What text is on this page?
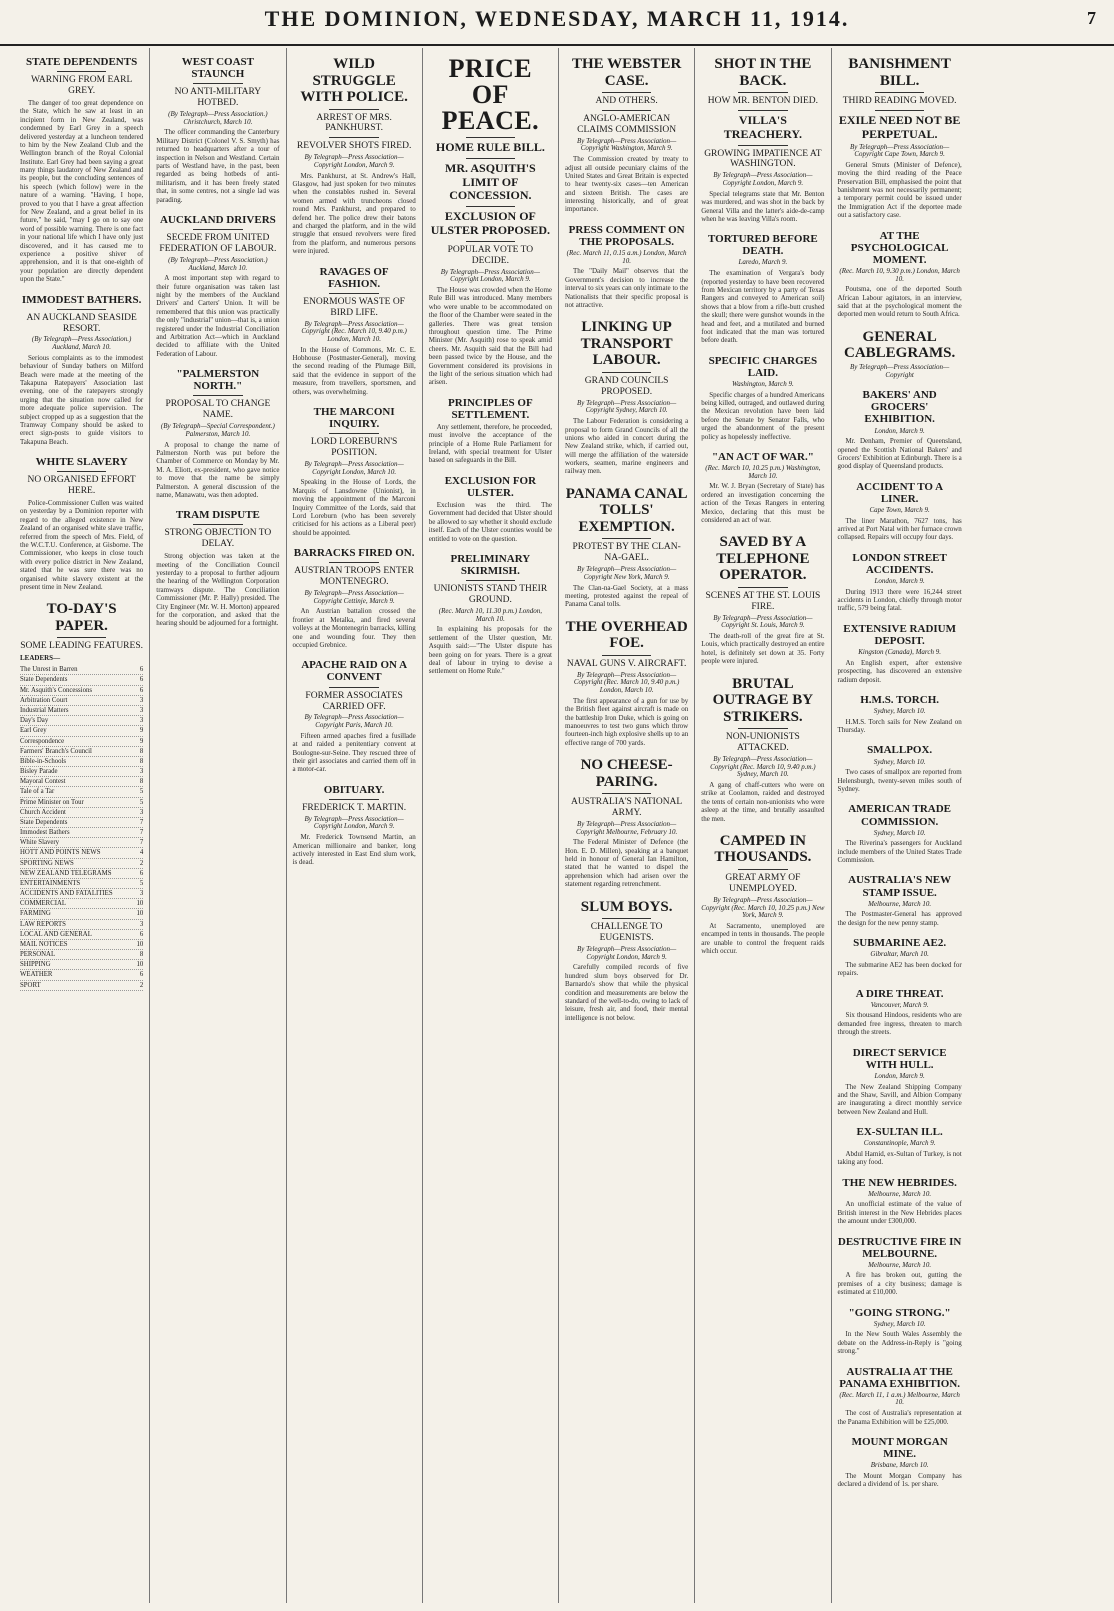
THE DOMINION, WEDNESDAY, MARCH 11, 1914.	7
STATE DEPENDENTS
WARNING FROM EARL GREY.

The danger of too great dependence on the State, which he saw at least in an incipient form in New Zealand, was condemned by Earl Grey in a speech delivered yesterday at a luncheon tendered to him by the New Zealand Club and the Wellington branch of the Royal Colonial Institute. Earl Grey had been saying a great many things laudatory of New Zealand and its people, but the concluding sentences of his speech (which follow) were in the nature of a warning. "Having, I hope, proved to you that I have a great affection for New Zealand, and a great belief in its future," he said, "may I go on to say one word of possible warning. There is one fact in your national life which I have only just discovered, and it has caused me to experience a positive shiver of apprehension, and it is that one-eighth of your population are directly dependent upon the State."

IMMODEST BATHERS.
AN AUCKLAND SEASIDE RESORT.
(By Telegraph—Press Association.) Auckland, March 10.

Serious complaints as to the immodest behaviour of Sunday bathers on Milford Beach were made at the meeting of the Takapuna Ratepayers' Association last evening, one of the ratepayers strongly urging that the situation now called for more adequate police supervision. The subject cropped up as a suggestion that the Tramway Company should be asked to erect sign-posts to guide visitors to Takapuna Beach.

WHITE SLAVERY
NO ORGANISED EFFORT HERE.

Police-Commissioner Cullen was waited on yesterday by a Dominion reporter with regard to the alleged existence in New Zealand of an organised white slave traffic, referred from the speech of Mrs. Field, of the W.C.T.U. Conference, at Gisborne. The Commissioner, who keeps in close touch with every police district in New Zealand, stated that he was sure there was no organised white slavery existent at the present time in New Zealand.

TO-DAY'S PAPER.
SOME LEADING FEATURES.
LEADERS—
The Unrest in Barren	6
State Dependents	6
Mr. Asquith's Concessions	6
Arbitration Court	3
Industrial Matters	3
Day's Day	3
Earl Grey	9
Correspondence	9
Farmers' Branch's Council	8
Bible-in-Schools	8
Bisley Parade	3
Mayoral Contest	8
Tale of a Tar	5
Prime Minister on Tour	5
Church Accident	3
State Dependents	7
Immodest Bathers	7
White Slavery	7
HOTT AND POINTS NEWS	4
SPORTING NEWS	2
NEW ZEALAND TELEGRAMS	6
ENTERTAINMENTS	5
ACCIDENTS AND FATALITIES	3
COMMERCIAL	10
FARMING	10
LAW REPORTS	3
LOCAL AND GENERAL	6
MAIL NOTICES	10
PERSONAL	8
SHIPPING	10
WEATHER	6
SPORT	2
WEST COAST STAUNCH
NO ANTI-MILITARY HOTBED.
(By Telegraph—Press Association.) Christchurch, March 10.

The officer commanding the Canterbury Military District (Colonel V. S. Smyth) has returned to headquarters after a tour of inspection in Nelson and Westland. Certain parts of Westland have, in the past, been regarded as being hotbeds of anti-militarism, and it has been freely stated that, in some centres, not a single lad was parading.

AUCKLAND DRIVERS
SECEDE FROM UNITED FEDERATION OF LABOUR.
(By Telegraph—Press Association.) Auckland, March 10.

A most important step with regard to their future organisation was taken last night by the members of the Auckland Drivers' and Carters' Union. It will be remembered that this union was practically the only "industrial" union—that is, a union registered under the Industrial Conciliation and Arbitration Act—which in Auckland decided to affiliate with the United Federation of Labour.

"PALMERSTON NORTH."
PROPOSAL TO CHANGE NAME.
(By Telegraph—Special Correspondent.) Palmerston, March 10.

A proposal to change the name of Palmerston North was put before the Chamber of Commerce on Monday by Mr. M. A. Eliott, ex-president, who gave notice to move that the name be simply Palmerston. A general discussion of the name, Manawatu, was then adopted.

TRAM DISPUTE
STRONG OBJECTION TO DELAY.

Strong objection was taken at the meeting of the Conciliation Council yesterday to a proposal to further adjourn the hearing of the Wellington Corporation tramways dispute. The Conciliation Commissioner (Mr. P. Hally) presided. The City Engineer (Mr. W. H. Morton) appeared for the corporation, and asked that the hearing should be adjourned for a fortnight.

WILD STRUGGLE WITH POLICE.
ARREST OF MRS. PANKHURST.
REVOLVER SHOTS FIRED.
By Telegraph—Press Association—Copyright London, March 9.

Mrs. Pankhurst, at St. Andrew's Hall, Glasgow, had just spoken for two minutes when the constables rushed in. Several women armed with truncheons closed round Mrs. Pankhurst, and prepared to defend her. The police drew their batons and charged the platform, and in the wild struggle that ensued revolvers were fired from the platform, and numerous persons were injured.

RAVAGES OF FASHION.
ENORMOUS WASTE OF BIRD LIFE.
By Telegraph—Press Association—Copyright (Rec. March 10, 9.40 p.m.) London, March 10.

In the House of Commons, Mr. C. E. Hobhouse (Postmaster-General), moving the second reading of the Plumage Bill, said that the evidence in support of the measure, from travellers, sportsmen, and others, was overwhelming.

THE MARCONI INQUIRY.
LORD LOREBURN'S POSITION.
By Telegraph—Press Association—Copyright London, March 10.

Speaking in the House of Lords, the Marquis of Lansdowne (Unionist), in moving the appointment of the Marconi Inquiry Committee of the Lords, said that Lord Loreburn (who has been severely criticised for his actions as a Liberal peer) should be appointed.

BARRACKS FIRED ON.
AUSTRIAN TROOPS ENTER MONTENEGRO.
By Telegraph—Press Association—Copyright Cettinje, March 9.

An Austrian battalion crossed the frontier at Metalka, and fired several volleys at the Montenegrin barracks, killing one and wounding four. They then occupied Grebnice.

APACHE RAID ON A CONVENT
FORMER ASSOCIATES CARRIED OFF.
By Telegraph—Press Association—Copyright Paris, March 10.

Fifteen armed apaches fired a fusillade at and raided a penitentiary convent at Boulogne-sur-Seine. They rescued three of their girl associates and carried them off in a motor-car.

OBITUARY.
FREDERICK T. MARTIN.
By Telegraph—Press Association—Copyright London, March 9.

Mr. Frederick Townsend Martin, an American millionaire and banker, long actively interested in East End slum work, is dead.

PRICE OF PEACE.
HOME RULE BILL.
MR. ASQUITH'S LIMIT OF CONCESSION.
EXCLUSION OF ULSTER PROPOSED.
POPULAR VOTE TO DECIDE.
By Telegraph—Press Association—Copyright London, March 9.

The House was crowded when the Home Rule Bill was introduced. Many members who were unable to be accommodated on the floor of the Chamber were seated in the galleries. There was great tension throughout question time. The Prime Minister (Mr. Asquith) rose to speak amid cheers. Mr. Asquith said that the Bill had been passed twice by the House, and the Government considered its provisions in the light of the serious situation which had arisen.

PRINCIPLES OF SETTLEMENT.

Any settlement, therefore, he proceeded, must involve the acceptance of the principle of a Home Rule Parliament for Ireland, with special treatment for Ulster based on safeguards in the Bill.

EXCLUSION FOR ULSTER.

Exclusion was the third. The Government had decided that Ulster should be allowed to say whether it should exclude itself. Each of the Ulster counties would be entitled to vote on the question.

PRELIMINARY SKIRMISH.
UNIONISTS STAND THEIR GROUND.
(Rec. March 10, 11.30 p.m.) London, March 10.

In explaining his proposals for the settlement of the Ulster question, Mr. Asquith said:—"The Ulster dispute has been going on for years. There is a great deal of labour in trying to devise a settlement on Home Rule."

THE WEBSTER CASE.
AND OTHERS.
ANGLO-AMERICAN CLAIMS COMMISSION
By Telegraph—Press Association—Copyright Washington, March 9.

The Commission created by treaty to adjust all outside pecuniary claims of the United States and Great Britain is expected to hear twenty-six cases—ten American and sixteen British. The cases are interesting historically, and of great importance.

PRESS COMMENT ON THE PROPOSALS.
(Rec. March 11, 0.15 a.m.) London, March 10.

The "Daily Mail" observes that the Government's decision to increase the interval to six years can only intimate to the Nationalists that their specific proposal is not attractive.

LINKING UP TRANSPORT LABOUR.
GRAND COUNCILS PROPOSED.
By Telegraph—Press Association—Copyright Sydney, March 10.

The Labour Federation is considering a proposal to form Grand Councils of all the unions who aided in concert during the New Zealand strike, which, if carried out, will merge the affiliation of the waterside workers, seamen, marine engineers and railway men.

PANAMA CANAL TOLLS' EXEMPTION.
PROTEST BY THE CLAN-NA-GAEL.
By Telegraph—Press Association—Copyright New York, March 9.

The Clan-na-Gael Society, at a mass meeting, protested against the repeal of Panama Canal tolls.

THE OVERHEAD FOE.
NAVAL GUNS V. AIRCRAFT.
By Telegraph—Press Association—Copyright (Rec. March 10, 9.40 p.m.) London, March 10.

The first appearance of a gun for use by the British fleet against aircraft is made on the battleship Iron Duke, which is going on manoeuvres to test two guns which throw fourteen-inch high explosive shells up to an effective range of 700 yards.

NO CHEESE-PARING.
AUSTRALIA'S NATIONAL ARMY.
By Telegraph—Press Association—Copyright Melbourne, February 10.

The Federal Minister of Defence (the Hon. E. D. Millen), speaking at a banquet held in honour of General Ian Hamilton, stated that he wanted to dispel the apprehension which had arisen over the statement regarding retrenchment.

SLUM BOYS.
CHALLENGE TO EUGENISTS.
By Telegraph—Press Association—Copyright London, March 9.

Carefully compiled records of five hundred slum boys observed for Dr. Barnardo's show that while the physical condition and measurements are below the standard of the well-to-do, owing to lack of leisure, fresh air, and food, their mental intelligence is not below.

SHOT IN THE BACK.
HOW MR. BENTON DIED.
VILLA'S TREACHERY.
GROWING IMPATIENCE AT WASHINGTON.
By Telegraph—Press Association—Copyright London, March 9.

Special telegrams state that Mr. Benton was murdered, and was shot in the back by General Villa and the latter's aide-de-camp when he was leaving Villa's room.

TORTURED BEFORE DEATH.
Laredo, March 9.

The examination of Vergara's body (reported yesterday to have been recovered from Mexican territory by a party of Texas Rangers and conveyed to American soil) shows that a blow from a rifle-butt crushed the skull; there were gunshot wounds in the head and feet, and a mutilated and burned foot indicated that the man was tortured before death.

SPECIFIC CHARGES LAID.
Washington, March 9.

Specific charges of a hundred Americans being killed, outraged, and outlawed during the Mexican revolution have been laid before the Senate by Senator Falls, who urged the abandonment of the present policy as hopelessly ineffective.

"AN ACT OF WAR."
(Rec. March 10, 10.25 p.m.) Washington, March 10.

Mr. W. J. Bryan (Secretary of State) has ordered an investigation concerning the action of the Texas Rangers in entering Mexico, declaring that this must be considered an act of war.

SAVED BY A TELEPHONE OPERATOR.
SCENES AT THE ST. LOUIS FIRE.
By Telegraph—Press Association—Copyright St. Louis, March 9.

The death-roll of the great fire at St. Louis, which practically destroyed an entire hotel, is definitely set down at 35. Forty people were injured.

BRUTAL OUTRAGE BY STRIKERS.
NON-UNIONISTS ATTACKED.
By Telegraph—Press Association—Copyright (Rec. March 10, 9.40 p.m.) Sydney, March 10.

A gang of chaff-cutters who were on strike at Coolamon, raided and destroyed the tents of certain non-unionists who were asleep at the time, and brutally assaulted the men.

CAMPED IN THOUSANDS.
GREAT ARMY OF UNEMPLOYED.
By Telegraph—Press Association—Copyright (Rec. March 10, 10.25 p.m.) New York, March 9.

At Sacramento, unemployed are encamped in tents in thousands. The people are unable to control the frequent raids which occur.

BANISHMENT BILL.
THIRD READING MOVED.
EXILE NEED NOT BE PERPETUAL.
By Telegraph—Press Association—Copyright Cape Town, March 9.

General Smuts (Minister of Defence), moving the third reading of the Peace Preservation Bill, emphasised the point that banishment was not necessarily permanent; a temporary permit could be issued under the Immigration Act if the deportee made out a satisfactory case.

AT THE PSYCHOLOGICAL MOMENT.
(Rec. March 10, 9.30 p.m.) London, March 10.

Poutsma, one of the deported South African Labour agitators, in an interview, said that at the psychological moment the deported men would return to South Africa.

GENERAL CABLEGRAMS.
By Telegraph—Press Association—Copyright
BAKERS' AND GROCERS' EXHIBITION.
London, March 9.

Mr. Denham, Premier of Queensland, opened the Scottish National Bakers' and Grocers' Exhibition at Edinburgh. There is a good display of Queensland products.

ACCIDENT TO A LINER.
Cape Town, March 9.

The liner Marathon, 7627 tons, has arrived at Port Natal with her furnace crown collapsed. Repairs will occupy four days.

LONDON STREET ACCIDENTS.
London, March 9.

During 1913 there were 16,244 street accidents in London, chiefly through motor traffic, 579 being fatal.

EXTENSIVE RADIUM DEPOSIT.
Kingston (Canada), March 9.

An English expert, after extensive prospecting, has discovered an extensive radium deposit.

H.M.S. TORCH.
Sydney, March 10.

H.M.S. Torch sails for New Zealand on Thursday.

SMALLPOX.
Sydney, March 10.

Two cases of smallpox are reported from Helensburgh, twenty-seven miles south of Sydney.

AMERICAN TRADE COMMISSION.
Sydney, March 10.

The Riverina's passengers for Auckland include members of the United States Trade Commission.

AUSTRALIA'S NEW STAMP ISSUE.
Melbourne, March 10.

The Postmaster-General has approved the design for the new penny stamp.

SUBMARINE AE2.
Gibraltar, March 10.

The submarine AE2 has been docked for repairs.

A DIRE THREAT.
Vancouver, March 9.

Six thousand Hindoos, residents who are demanded free ingress, threaten to march through the streets.

DIRECT SERVICE WITH HULL.
London, March 9.

The New Zealand Shipping Company and the Shaw, Savill, and Albion Company are inaugurating a direct monthly service between New Zealand and Hull.

EX-SULTAN ILL.
Constantinople, March 9.

Abdul Hamid, ex-Sultan of Turkey, is not taking any food.

THE NEW HEBRIDES.
Melbourne, March 10.

An unofficial estimate of the value of British interest in the New Hebrides places the amount under £300,000.

DESTRUCTIVE FIRE IN MELBOURNE.
Melbourne, March 10.

A fire has broken out, gutting the premises of a city business; damage is estimated at £10,000.

"GOING STRONG."
Sydney, March 10.

In the New South Wales Assembly the debate on the Address-in-Reply is "going strong."

AUSTRALIA AT THE PANAMA EXHIBITION.
(Rec. March 11, 1 a.m.) Melbourne, March 10.

The cost of Australia's representation at the Panama Exhibition will be £25,000.

MOUNT MORGAN MINE.
Brisbane, March 10.

The Mount Morgan Company has declared a dividend of 1s. per share.
